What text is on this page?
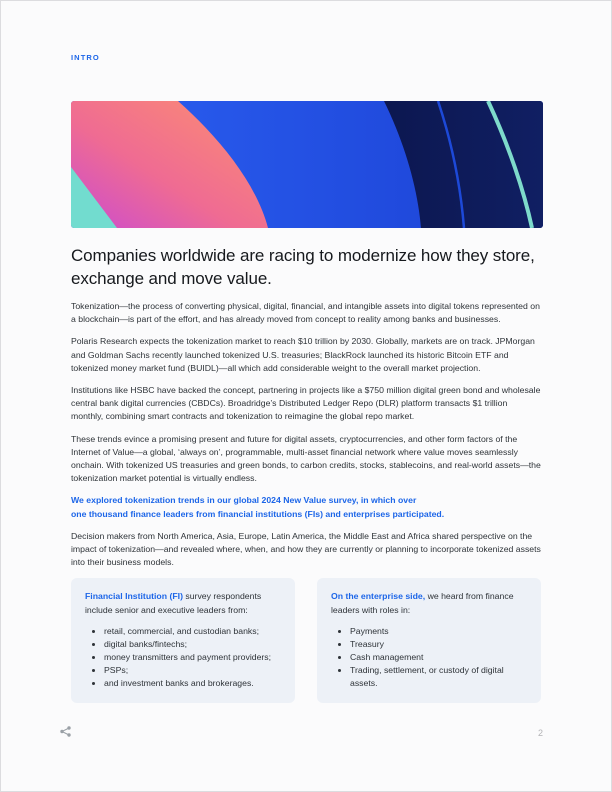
INTRO
Companies worldwide are racing to modernize how they store, exchange and move value.

Tokenization—the process of converting physical, digital, financial, and intangible assets into digital tokens represented on a blockchain—is part of the effort, and has already moved from concept to reality among banks and businesses.

Polaris Research expects the tokenization market to reach $10 trillion by 2030. Globally, markets are on track. JPMorgan and Goldman Sachs recently launched tokenized U.S. treasuries; BlackRock launched its historic Bitcoin ETF and tokenized money market fund (BUIDL)—all which add considerable weight to the overall market projection.

Institutions like HSBC have backed the concept, partnering in projects like a $750 million digital green bond and wholesale central bank digital currencies (CBDCs). Broadridge’s Distributed Ledger Repo (DLR) platform transacts $1 trillion monthly, combining smart contracts and tokenization to reimagine the global repo market.

These trends evince a promising present and future for digital assets, cryptocurrencies, and other form factors of the Internet of Value—a global, ‘always on’, programmable, multi-asset financial network where value moves seamlessly onchain. With tokenized US treasuries and green bonds, to carbon credits, stocks, stablecoins, and real-world assets—the tokenization market potential is virtually endless.

We explored tokenization trends in our global 2024 New Value survey, in which over
one thousand finance leaders from financial institutions (FIs) and enterprises participated.

Decision makers from North America, Asia, Europe, Latin America, the Middle East and Africa shared perspective on the impact of tokenization—and revealed where, when, and how they are currently or planning to incorporate tokenized assets into their business models.

Financial Institution (FI) survey respondents include senior and executive leaders from:
• retail, commercial, and custodian banks;
• digital banks/fintechs;
• money transmitters and payment providers;
• PSPs;
• and investment banks and brokerages.
On the enterprise side, we heard from finance leaders with roles in:
• Payments
• Treasury
• Cash management
• Trading, settlement, or custody of digital assets.
2
